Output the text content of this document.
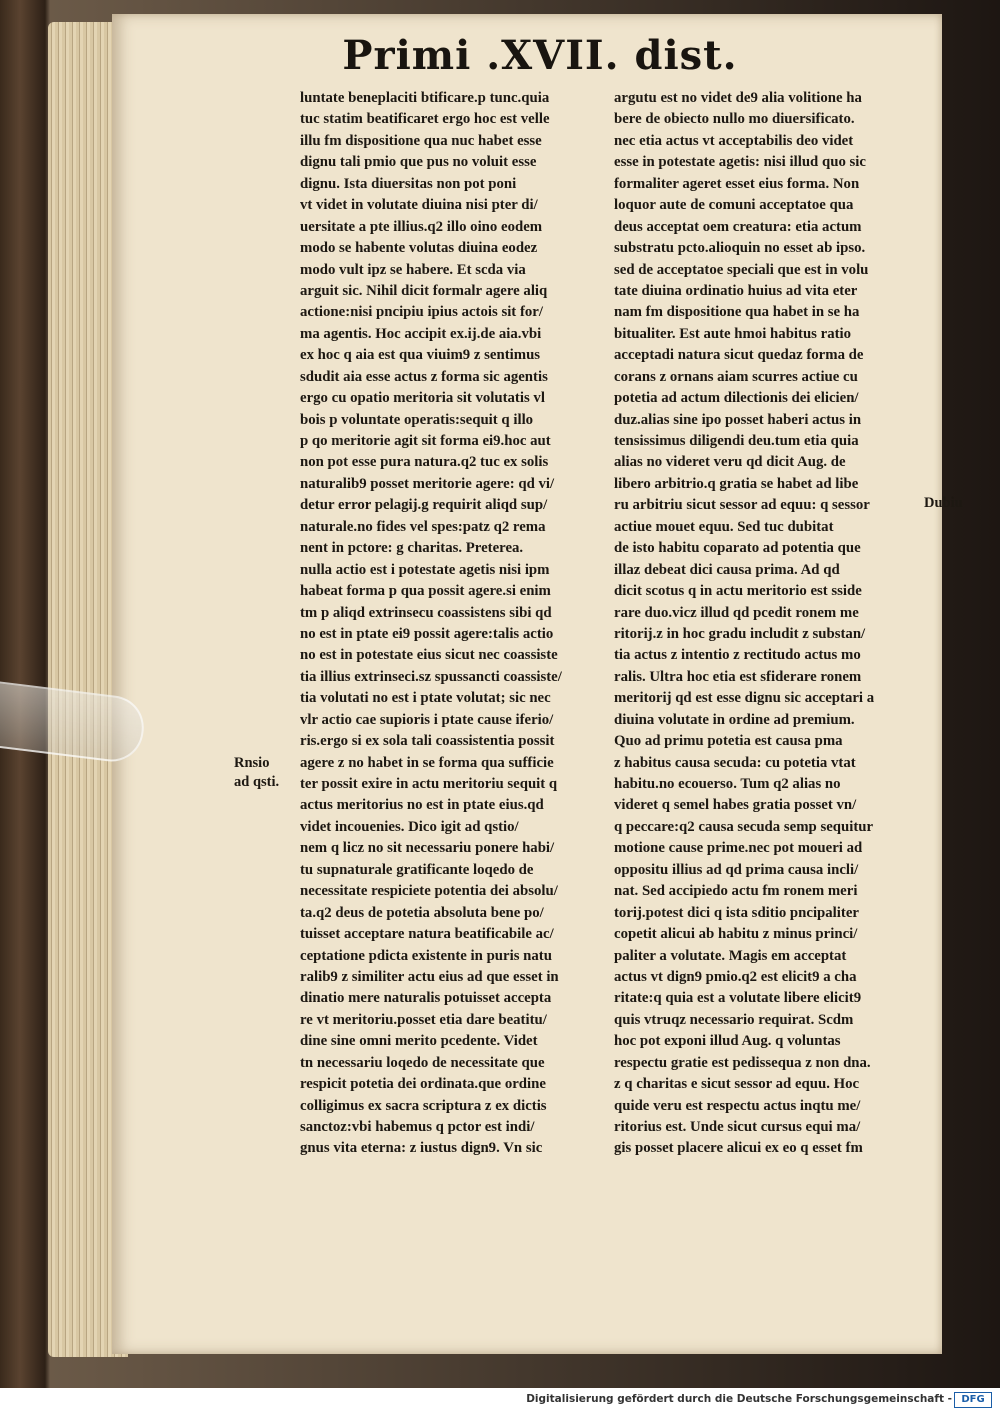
Primi .XVII. dist.
luntate beneplaciti btificare.p tunc.quia
tuc statim beatificaret ergo hoc est velle
illu fm dispositione qua nuc habet esse
dignu tali pmio que pus no voluit esse
dignu. Ista diuersitas non pot poni
vt videt in volutate diuina nisi pter di/
uersitate a pte illius.q2 illo oino eodem
modo se habente volutas diuina eodez
modo vult ipz se habere. Et scda via
arguit sic. Nihil dicit formalr agere aliq
actione:nisi pncipiu ipius actois sit for/
ma agentis. Hoc accipit ex.ij.de aia.vbi
ex hoc q aia est qua viuim9 z sentimus
sdudit aia esse actus z forma sic agentis
ergo cu opatio meritoria sit volutatis vl
bois p voluntate operatis:sequit q illo
p qo meritorie agit sit forma ei9.hoc aut
non pot esse pura natura.q2 tuc ex solis
naturalib9 posset meritorie agere: qd vi/
detur error pelagij.g requirit aliqd sup/
naturale.no fides vel spes:patz q2 rema
nent in pctore: g charitas. Preterea.
nulla actio est i potestate agetis nisi ipm
habeat forma p qua possit agere.si enim
tm p aliqd extrinsecu coassistens sibi qd
no est in ptate ei9 possit agere:talis actio
no est in potestate eius sicut nec coassiste
tia illius extrinseci.sz spussancti coassiste/
tia volutati no est i ptate volutat; sic nec
vlr actio cae supioris i ptate cause iferio/
ris.ergo si ex sola tali coassistentia possit
agere z no habet in se forma qua sufficie
ter possit exire in actu meritoriu sequit q
actus meritorius no est in ptate eius.qd
videt incouenies. Dico igit ad qstio/
nem q licz no sit necessariu ponere habi/
tu supnaturale gratificante loqedo de
necessitate respiciete potentia dei absolu/
ta.q2 deus de potetia absoluta bene po/
tuisset acceptare natura beatificabile ac/
ceptatione pdicta existente in puris natu
ralib9 z similiter actu eius ad que esset in
dinatio mere naturalis potuisset accepta
re vt meritoriu.posset etia dare beatitu/
dine sine omni merito pcedente. Videt
tn necessariu loqedo de necessitate que
respicit potetia dei ordinata.que ordine
colligimus ex sacra scriptura z ex dictis
sanctoz:vbi habemus q pctor est indi/
gnus vita eterna: z iustus dign9. Vn sic
argutu est no videt de9 alia volitione ha
bere de obiecto nullo mo diuersificato.
nec etia actus vt acceptabilis deo videt
esse in potestate agetis: nisi illud quo sic
formaliter ageret esset eius forma. Non
loquor aute de comuni acceptatoe qua
deus acceptat oem creatura: etia actum
substratu pcto.alioquin no esset ab ipso.
sed de acceptatoe speciali que est in volu
tate diuina ordinatio huius ad vita eter
nam fm dispositione qua habet in se ha
bitualiter. Est aute hmoi habitus ratio
acceptadi natura sicut quedaz forma de
corans z ornans aiam scurres actiue cu
potetia ad actum dilectionis dei elicien/
duz.alias sine ipo posset haberi actus in
tensissimus diligendi deu.tum etia quia
alias no videret veru qd dicit Aug. de
libero arbitrio.q gratia se habet ad libe
ru arbitriu sicut sessor ad equu: q sessor
actiue mouet equu. Sed tuc dubitat
de isto habitu coparato ad potentia que
illaz debeat dici causa prima. Ad qd
dicit scotus q in actu meritorio est sside
rare duo.vicz illud qd pcedit ronem me
ritorij.z in hoc gradu includit z substan/
tia actus z intentio z rectitudo actus mo
ralis. Ultra hoc etia est sfiderare ronem
meritorij qd est esse dignu sic acceptari a
diuina volutate in ordine ad premium.
Quo ad primu potetia est causa pma
z habitus causa secuda: cu potetia vtat
habitu.no ecouerso. Tum q2 alias no
videret q semel habes gratia posset vn/
q peccare:q2 causa secuda semp sequitur
motione cause prime.nec pot moueri ad
oppositu illius ad qd prima causa incli/
nat. Sed accipiedo actu fm ronem meri
torij.potest dici q ista sditio pncipaliter
copetit alicui ab habitu z minus princi/
paliter a volutate. Magis em acceptat
actus vt dign9 pmio.q2 est elicit9 a cha
ritate:q quia est a volutate libere elicit9
quis vtruqz necessario requirat. Scdm
hoc pot exponi illud Aug. q voluntas
respectu gratie est pedissequa z non dna.
z q charitas e sicut sessor ad equu. Hoc
quide veru est respectu actus inqtu me/
ritorius est. Unde sicut cursus equi ma/
gis posset placere alicui ex eo q esset fm
Rnsio
ad qsti.
Dubiu
Digitalisierung gefördert durch die Deutsche Forschungsgemeinschaft - DFG
